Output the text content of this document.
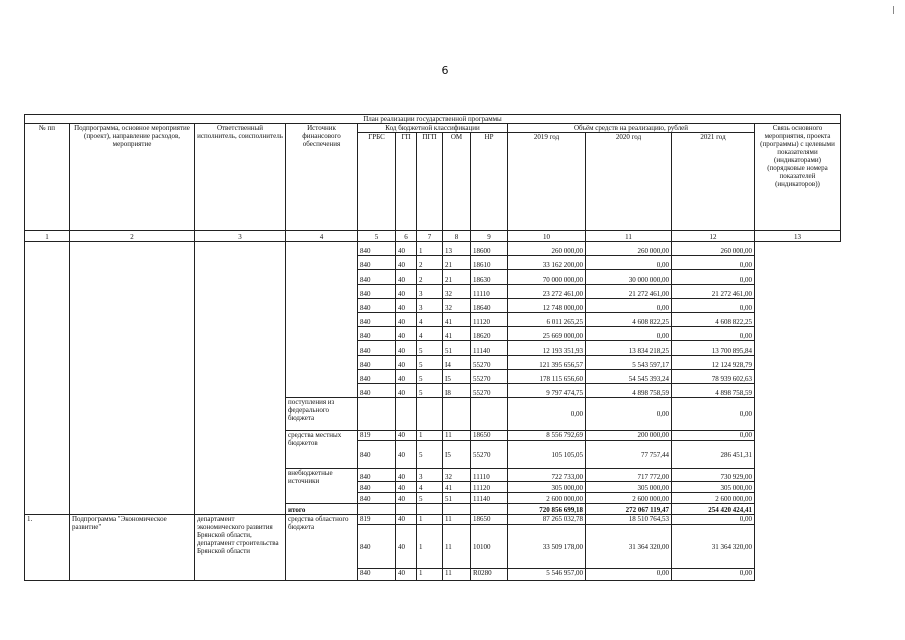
6
План реализации государственной программы												
№ пп	Подпрограмма, основное мероприятие (проект), направление расходов, мероприятие	Ответственный исполнитель, соисполнитель	Источник финансового обеспечения	Код бюджетной классификации					Объём средств на реализацию, рублей			Связь основного мероприятия, проекта (программы) с целевыми показателями (индикаторами) (порядковые номера показателей (индикаторов))
				ГРБС	ГП	ПГП	ОМ	НР	2019 год	2020 год	2021 год	
1	2	3	4	5	6	7	8	9	10	11	12	13
				840	40	1	13	18600	260 000,00	260 000,00	260 000,00	
				840	40	2	21	18610	33 162 200,00	0,00	0,00	
				840	40	2	21	18630	70 000 000,00	30 000 000,00	0,00	
				840	40	3	32	11110	23 272 461,00	21 272 461,00	21 272 461,00	
				840	40	3	32	18640	12 748 000,00	0,00	0,00	
				840	40	4	41	11120	6 011 265,25	4 608 822,25	4 608 822,25	
				840	40	4	41	18620	25 669 000,00	0,00	0,00	
				840	40	5	51	11140	12 193 351,93	13 834 218,25	13 700 895,84	
				840	40	5	I4	55270	121 395 656,57	5 543 597,17	12 124 928,79	
				840	40	5	I5	55270	178 115 656,60	54 545 393,24	78 939 602,63	
				840	40	5	I8	55270	9 797 474,75	4 898 758,59	4 898 758,59	
			поступления из федерального бюджета						0,00	0,00	0,00	
			средства местных бюджетов	819	40	1	11	18650	8 556 792,69	200 000,00	0,00	
				840	40	5	I5	55270	105 105,05	77 757,44	286 451,31	
			внебюджетные источники	840	40	3	32	11110	722 733,00	717 772,00	730 929,00	
				840	40	4	41	11120	305 000,00	305 000,00	305 000,00	
				840	40	5	51	11140	2 600 000,00	2 600 000,00	2 600 000,00	
			итого						720 856 699,18	272 067 119,47	254 420 424,41	
1.	Подпрограмма "Экономическое развитие"	департамент экономического развития Брянской области, департамент строительства Брянской области	средства областного бюджета	819	40	1	11	18650	87 265 032,78	18 510 764,53	0,00	
				840	40	1	11	10100	33 509 178,00	31 364 320,00	31 364 320,00	
				840	40	1	11	R0280	5 546 957,00	0,00	0,00	
